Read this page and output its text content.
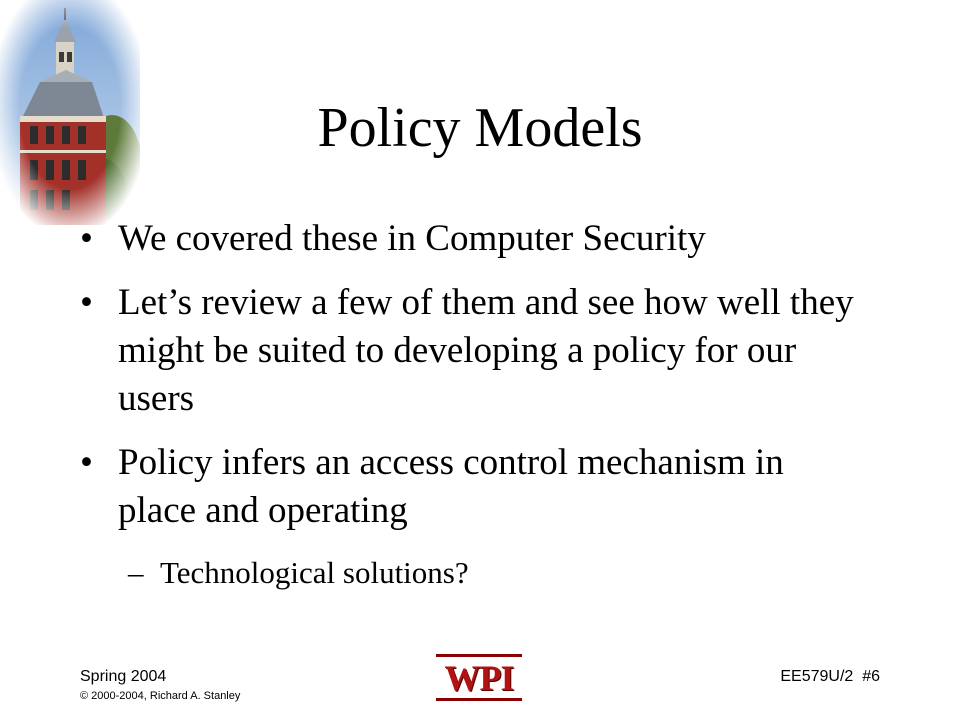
Policy Models
• We covered these in Computer Security
• Let’s review a few of them and see how well they might be suited to developing a policy for our users
• Policy infers an access control mechanism in place and operating
– Technological solutions?
Spring 2004
© 2000-2004, Richard A. Stanley	WPI	EE579U/2  #6
